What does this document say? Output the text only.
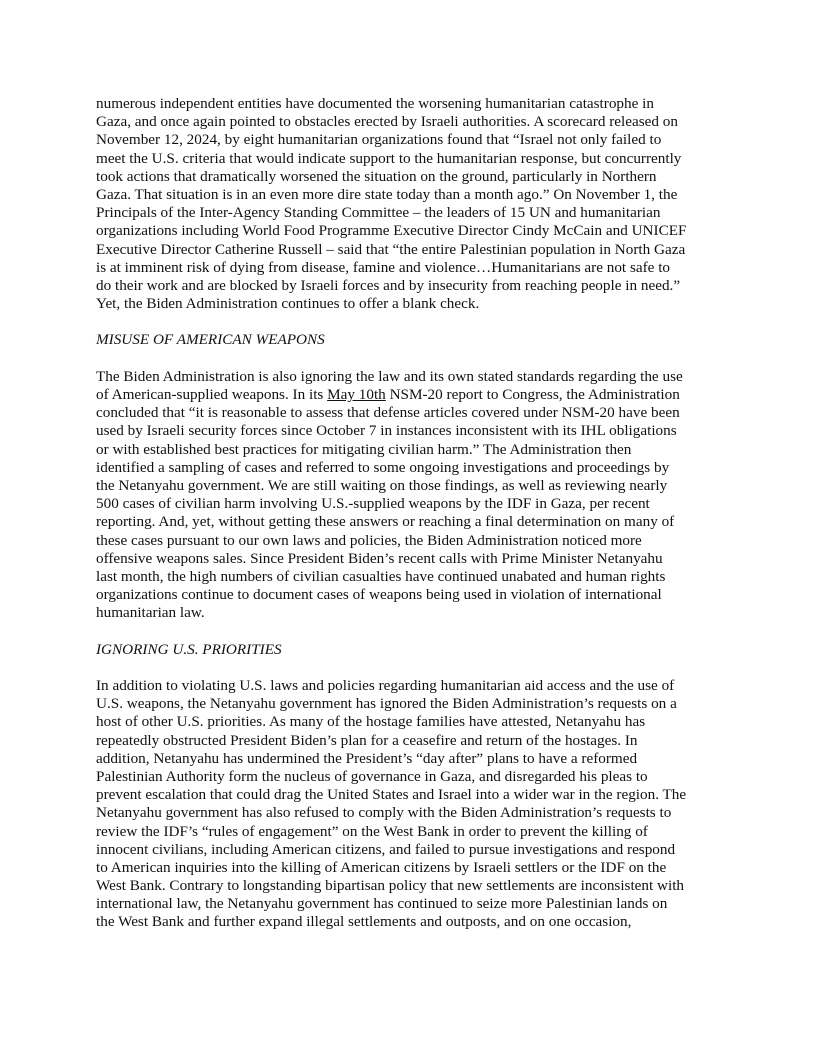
numerous independent entities have documented the worsening humanitarian catastrophe in
Gaza, and once again pointed to obstacles erected by Israeli authorities. A scorecard released on
November 12, 2024, by eight humanitarian organizations found that “Israel not only failed to
meet the U.S. criteria that would indicate support to the humanitarian response, but concurrently
took actions that dramatically worsened the situation on the ground, particularly in Northern
Gaza. That situation is in an even more dire state today than a month ago.” On November 1, the
Principals of the Inter-Agency Standing Committee – the leaders of 15 UN and humanitarian
organizations including World Food Programme Executive Director Cindy McCain and UNICEF
Executive Director Catherine Russell – said that “the entire Palestinian population in North Gaza
is at imminent risk of dying from disease, famine and violence…Humanitarians are not safe to
do their work and are blocked by Israeli forces and by insecurity from reaching people in need.”
Yet, the Biden Administration continues to offer a blank check.
MISUSE OF AMERICAN WEAPONS
The Biden Administration is also ignoring the law and its own stated standards regarding the use
of American-supplied weapons. In its May 10th NSM-20 report to Congress, the Administration
concluded that “it is reasonable to assess that defense articles covered under NSM-20 have been
used by Israeli security forces since October 7 in instances inconsistent with its IHL obligations
or with established best practices for mitigating civilian harm.” The Administration then
identified a sampling of cases and referred to some ongoing investigations and proceedings by
the Netanyahu government. We are still waiting on those findings, as well as reviewing nearly
500 cases of civilian harm involving U.S.-supplied weapons by the IDF in Gaza, per recent
reporting. And, yet, without getting these answers or reaching a final determination on many of
these cases pursuant to our own laws and policies, the Biden Administration noticed more
offensive weapons sales. Since President Biden’s recent calls with Prime Minister Netanyahu
last month, the high numbers of civilian casualties have continued unabated and human rights
organizations continue to document cases of weapons being used in violation of international
humanitarian law.
IGNORING U.S. PRIORITIES
In addition to violating U.S. laws and policies regarding humanitarian aid access and the use of
U.S. weapons, the Netanyahu government has ignored the Biden Administration’s requests on a
host of other U.S. priorities. As many of the hostage families have attested, Netanyahu has
repeatedly obstructed President Biden’s plan for a ceasefire and return of the hostages. In
addition, Netanyahu has undermined the President’s “day after” plans to have a reformed
Palestinian Authority form the nucleus of governance in Gaza, and disregarded his pleas to
prevent escalation that could drag the United States and Israel into a wider war in the region. The
Netanyahu government has also refused to comply with the Biden Administration’s requests to
review the IDF’s “rules of engagement” on the West Bank in order to prevent the killing of
innocent civilians, including American citizens, and failed to pursue investigations and respond
to American inquiries into the killing of American citizens by Israeli settlers or the IDF on the
West Bank. Contrary to longstanding bipartisan policy that new settlements are inconsistent with
international law, the Netanyahu government has continued to seize more Palestinian lands on
the West Bank and further expand illegal settlements and outposts, and on one occasion,
